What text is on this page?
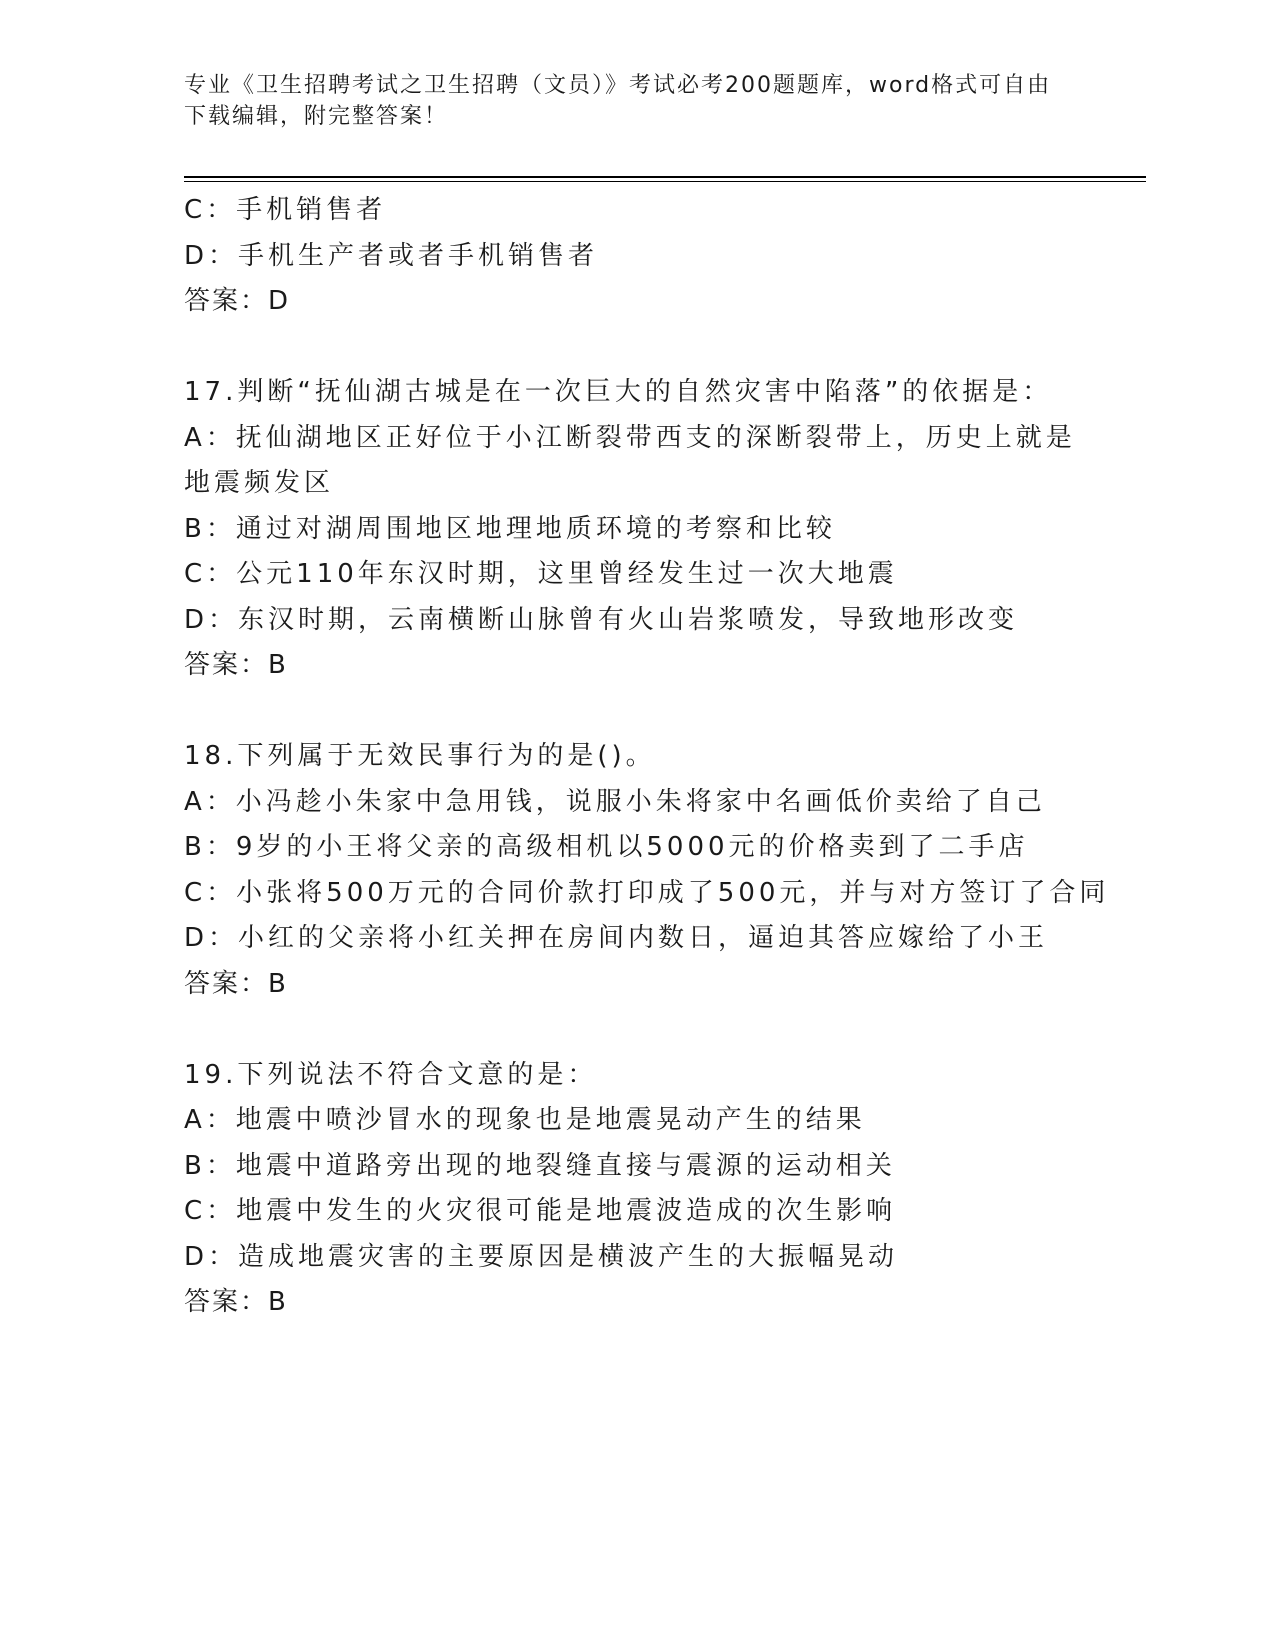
专业《卫生招聘考试之卫生招聘（文员）》考试必考200题题库，word格式可自由下载编辑，附完整答案！
C：手机销售者
D：手机生产者或者手机销售者
答案：D
17.判断“抚仙湖古城是在一次巨大的自然灾害中陷落”的依据是：
A：抚仙湖地区正好位于小江断裂带西支的深断裂带上，历史上就是地震频发区
B：通过对湖周围地区地理地质环境的考察和比较
C：公元110年东汉时期，这里曾经发生过一次大地震
D：东汉时期，云南横断山脉曾有火山岩浆喷发，导致地形改变
答案：B
18.下列属于无效民事行为的是()。
A：小冯趁小朱家中急用钱，说服小朱将家中名画低价卖给了自己
B：9岁的小王将父亲的高级相机以5000元的价格卖到了二手店
C：小张将500万元的合同价款打印成了500元，并与对方签订了合同
D：小红的父亲将小红关押在房间内数日，逼迫其答应嫁给了小王
答案：B
19.下列说法不符合文意的是：
A：地震中喷沙冒水的现象也是地震晃动产生的结果
B：地震中道路旁出现的地裂缝直接与震源的运动相关
C：地震中发生的火灾很可能是地震波造成的次生影响
D：造成地震灾害的主要原因是横波产生的大振幅晃动
答案：B
